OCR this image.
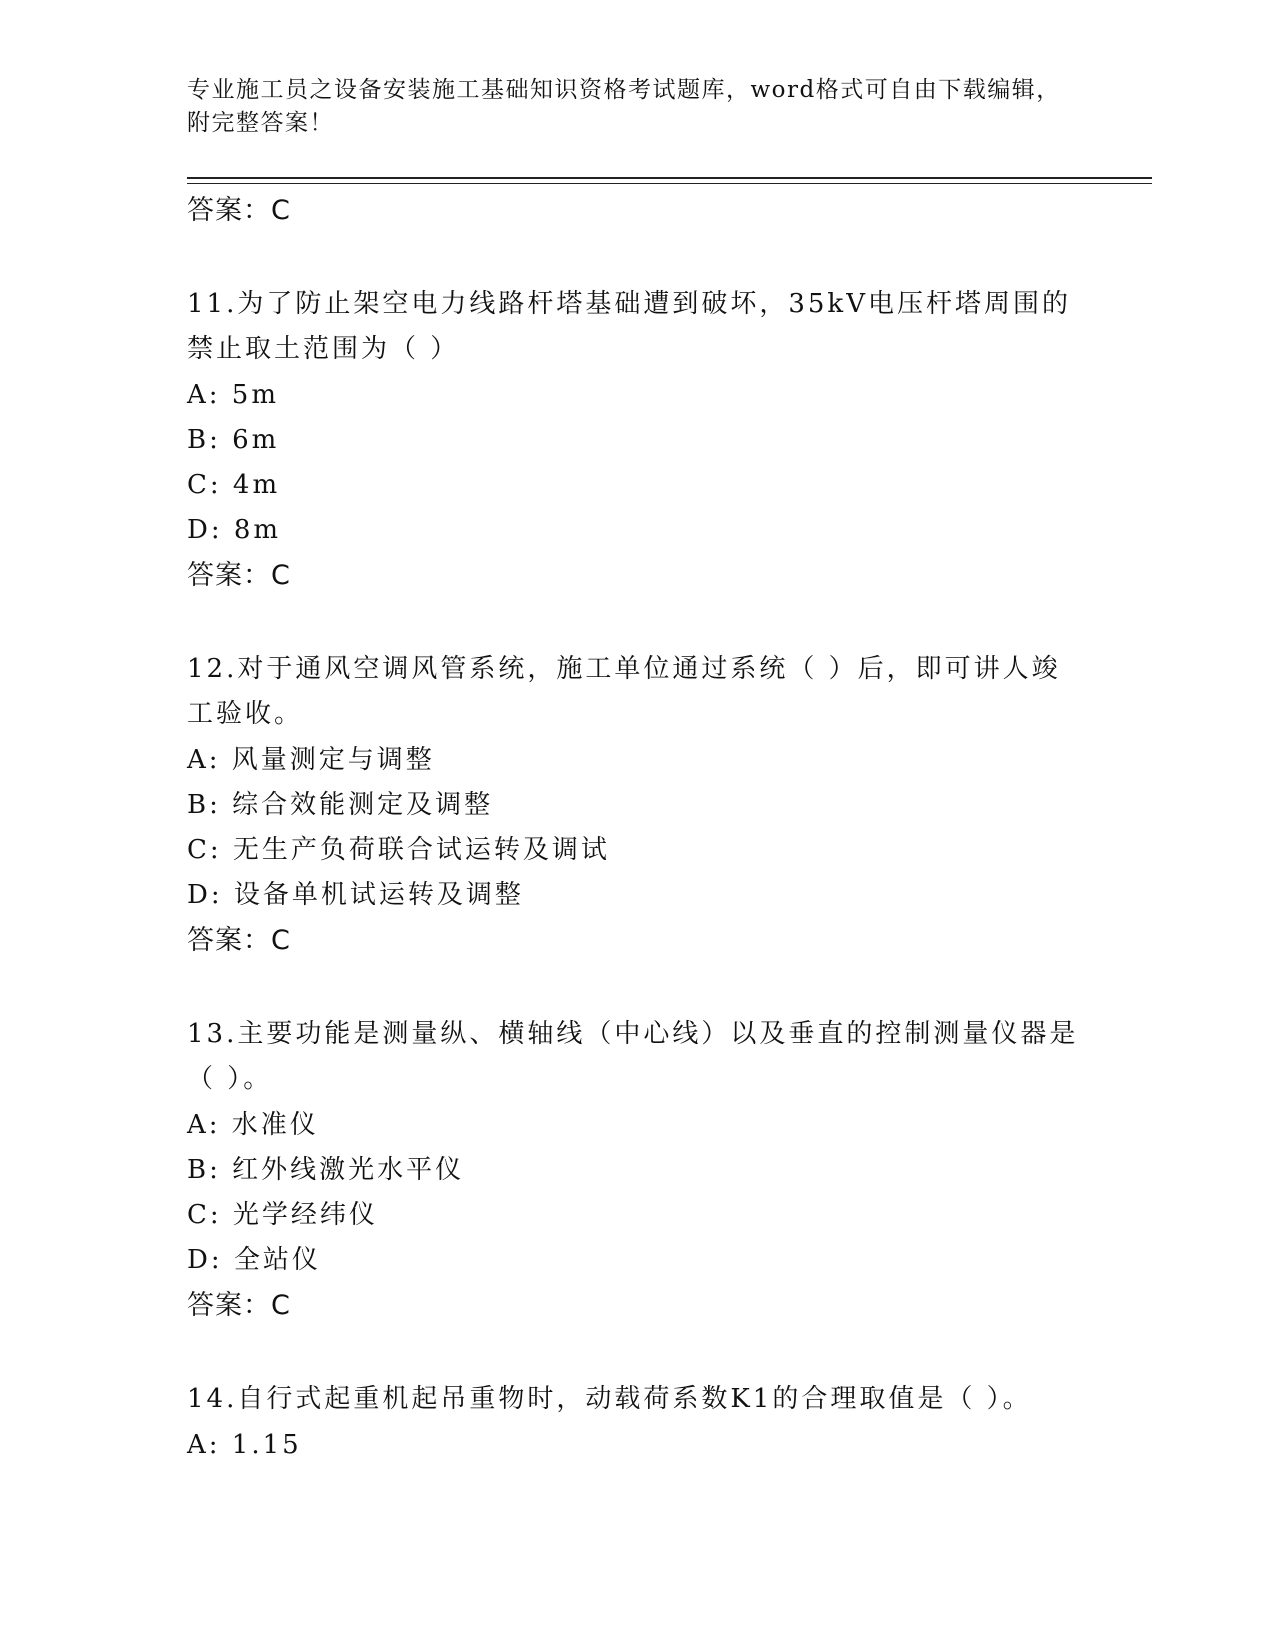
专业施工员之设备安装施工基础知识资格考试题库，word格式可自由下载编辑，
附完整答案！
答案：C
11.为了防止架空电力线路杆塔基础遭到破坏，35kV电压杆塔周围的禁止取土范围为（ ）
A: 5m
B: 6m
C: 4m
D: 8m
答案：C
12.对于通风空调风管系统，施工单位通过系统（ ）后，即可讲人竣工验收。
A: 风量测定与调整
B: 综合效能测定及调整
C: 无生产负荷联合试运转及调试
D: 设备单机试运转及调整
答案：C
13.主要功能是测量纵、横轴线（中心线）以及垂直的控制测量仪器是（ ）。
A: 水准仪
B: 红外线激光水平仪
C: 光学经纬仪
D: 全站仪
答案：C
14.自行式起重机起吊重物时，动载荷系数K1的合理取值是（ ）。
A: 1.15
